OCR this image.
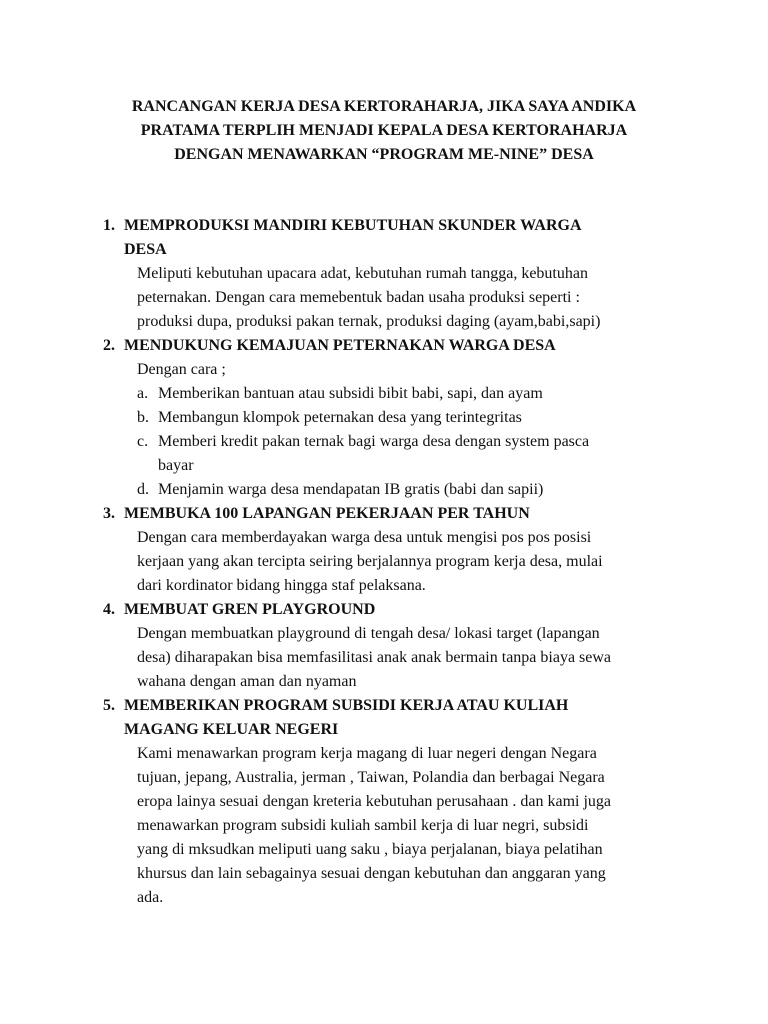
RANCANGAN KERJA DESA KERTORAHARJA, JIKA SAYA ANDIKA
PRATAMA TERPLIH MENJADI KEPALA DESA KERTORAHARJA
DENGAN MENAWARKAN “PROGRAM ME-NINE” DESA
1. MEMPRODUKSI MANDIRI KEBUTUHAN SKUNDER WARGA
DESA
Meliputi kebutuhan upacara adat, kebutuhan rumah tangga, kebutuhan
peternakan. Dengan cara memebentuk badan usaha produksi seperti :
produksi dupa, produksi pakan ternak, produksi daging (ayam,babi,sapi)
2. MENDUKUNG KEMAJUAN PETERNAKAN WARGA DESA
Dengan cara ;
a. Memberikan bantuan atau subsidi bibit babi, sapi, dan ayam
b. Membangun klompok peternakan desa yang terintegritas
c. Memberi kredit pakan ternak bagi warga desa dengan system pasca
bayar
d. Menjamin warga desa mendapatan IB gratis (babi dan sapii)
3. MEMBUKA 100 LAPANGAN PEKERJAAN PER TAHUN
Dengan cara memberdayakan warga desa untuk mengisi pos pos posisi
kerjaan yang akan tercipta seiring berjalannya program kerja desa, mulai
dari kordinator bidang hingga staf pelaksana.
4. MEMBUAT GREN PLAYGROUND
Dengan membuatkan playground di tengah desa/ lokasi target (lapangan
desa) diharapakan bisa memfasilitasi anak anak bermain tanpa biaya sewa
wahana dengan aman dan nyaman
5. MEMBERIKAN PROGRAM SUBSIDI KERJA ATAU KULIAH
MAGANG KELUAR NEGERI
Kami menawarkan program kerja magang di luar negeri dengan Negara
tujuan, jepang, Australia, jerman , Taiwan, Polandia dan berbagai Negara
eropa lainya sesuai dengan kreteria kebutuhan perusahaan . dan kami juga
menawarkan program subsidi kuliah sambil kerja di luar negri, subsidi
yang di mksudkan meliputi uang saku , biaya perjalanan, biaya pelatihan
khursus dan lain sebagainya sesuai dengan kebutuhan dan anggaran yang
ada.
